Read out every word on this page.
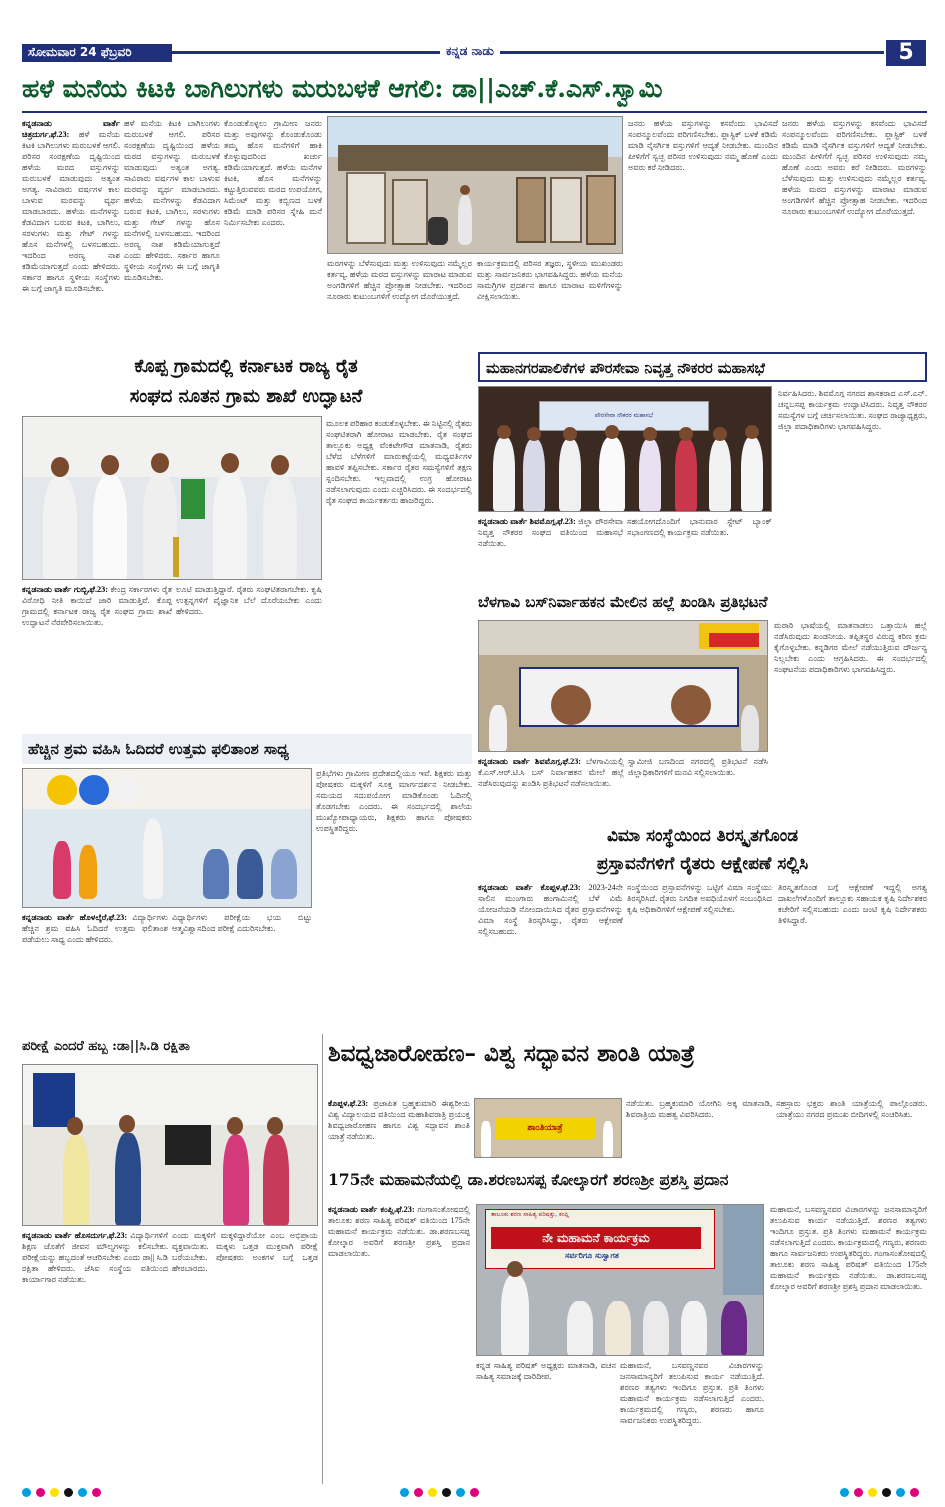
ಸೋಮವಾರ 24 ಫೆಬ್ರವರಿ 2025
ಕನ್ನಡ ನಾಡು	5
ಹಳೆ ಮನೆಯ ಕಿಟಕಿ ಬಾಗಿಲುಗಳು ಮರುಬಳಕೆ ಆಗಲಿ: ಡಾ||ಎಚ್.ಕೆ.ಎಸ್.ಸ್ವಾಮಿ
ಕನ್ನಡನಾಡು ವಾರ್ತೆ ಚಿತ್ರದುರ್ಗ,ಫೆ.23: ಹಳೆ ಮನೆಯ ಕಿಟಕಿ ಬಾಗಿಲುಗಳು ಮರುಬಳಕೆ ಆಗಲಿ. ಪರಿಸರ ಸಂರಕ್ಷಣೆಯ ದೃಷ್ಟಿಯಿಂದ ಹಳೆಯ ಮರದ ವಸ್ತುಗಳನ್ನು ಮರುಬಳಕೆ ಮಾಡುವುದು ಅತ್ಯಂತ ಅಗತ್ಯ. ಸಾವಿರಾರು ವರ್ಷಗಳ ಕಾಲ ಬಾಳುವ ಮರವನ್ನು ವ್ಯರ್ಥ ಮಾಡಬಾರದು. ಹಳೆಯ ಮನೆಗಳನ್ನು ಕೆಡವಿದಾಗ ಬರುವ ಕಿಟಕಿ, ಬಾಗಿಲು, ಸರಳುಗಳು ಮತ್ತು ಗೇಟ್ ಗಳನ್ನು ಹೊಸ ಮನೆಗಳಲ್ಲಿ ಬಳಸಬಹುದು. ಇದರಿಂದ ಅರಣ್ಯ ನಾಶ ಕಡಿಮೆಯಾಗುತ್ತದೆ ಎಂದು ಹೇಳಿದರು. ಸರ್ಕಾರ ಹಾಗೂ ಸ್ಥಳೀಯ ಸಂಸ್ಥೆಗಳು ಈ ಬಗ್ಗೆ ಜಾಗೃತಿ ಮೂಡಿಸಬೇಕು.
ಹಳೆ ಮನೆಯ ಕಿಟಕಿ ಬಾಗಿಲುಗಳು ಮರುಬಳಕೆ ಆಗಲಿ. ಪರಿಸರ ಸಂರಕ್ಷಣೆಯ ದೃಷ್ಟಿಯಿಂದ ಹಳೆಯ ಮರದ ವಸ್ತುಗಳನ್ನು ಮರುಬಳಕೆ ಮಾಡುವುದು ಅತ್ಯಂತ ಅಗತ್ಯ. ಸಾವಿರಾರು ವರ್ಷಗಳ ಕಾಲ ಬಾಳುವ ಮರವನ್ನು ವ್ಯರ್ಥ ಮಾಡಬಾರದು. ಹಳೆಯ ಮನೆಗಳನ್ನು ಕೆಡವಿದಾಗ ಬರುವ ಕಿಟಕಿ, ಬಾಗಿಲು, ಸರಳುಗಳು ಮತ್ತು ಗೇಟ್ ಗಳನ್ನು ಹೊಸ ಮನೆಗಳಲ್ಲಿ ಬಳಸಬಹುದು. ಇದರಿಂದ ಅರಣ್ಯ ನಾಶ ಕಡಿಮೆಯಾಗುತ್ತದೆ ಎಂದು ಹೇಳಿದರು. ಸರ್ಕಾರ ಹಾಗೂ ಸ್ಥಳೀಯ ಸಂಸ್ಥೆಗಳು ಈ ಬಗ್ಗೆ ಜಾಗೃತಿ ಮೂಡಿಸಬೇಕು.
ಕೊಂಡುಕೊಳ್ಳಲು ಗ್ರಾಮೀಣ ಜನರು ಮತ್ತು ಅವುಗಳನ್ನು ಕೊಂಡುಕೊಂಡು ತಮ್ಮ ಹೊಸ ಮನೆಗಳಿಗೆ ಹಾಕಿ ಕೊಳ್ಳುವುದರಿಂದ ಖರ್ಚು ಕಡಿಮೆಯಾಗುತ್ತದೆ. ಹಳೆಯ ಮನೆಗಳ ಕಿಟಕಿ, ಹೊಸ ಮನೆಗಳನ್ನು ಕಟ್ಟುತ್ತಿರುವವರು ಮರದ ಉಪಯೋಗ, ಸಿಮೆಂಟ್ ಮತ್ತು ಕಬ್ಬಿಣದ ಬಳಕೆ ಕಡಿಮೆ ಮಾಡಿ ಪರಿಸರ ಸ್ನೇಹಿ ಮನೆ ನಿರ್ಮಿಸಬೇಕು ಎಂದರು.
ಮರಗಳನ್ನು ಬೆಳೆಸುವುದು ಮತ್ತು ಉಳಿಸುವುದು ನಮ್ಮೆಲ್ಲರ ಕರ್ತವ್ಯ. ಹಳೆಯ ಮರದ ವಸ್ತುಗಳನ್ನು ಮಾರಾಟ ಮಾಡುವ ಅಂಗಡಿಗಳಿಗೆ ಹೆಚ್ಚಿನ ಪ್ರೋತ್ಸಾಹ ನೀಡಬೇಕು. ಇದರಿಂದ ನೂರಾರು ಕುಟುಂಬಗಳಿಗೆ ಉದ್ಯೋಗ ದೊರೆಯುತ್ತದೆ.
ಕಾರ್ಯಕ್ರಮದಲ್ಲಿ ಪರಿಸರ ತಜ್ಞರು, ಸ್ಥಳೀಯ ಮುಖಂಡರು ಮತ್ತು ಸಾರ್ವಜನಿಕರು ಭಾಗವಹಿಸಿದ್ದರು. ಹಳೆಯ ಮನೆಯ ಸಾಮಗ್ರಿಗಳ ಪ್ರದರ್ಶನ ಹಾಗೂ ಮಾರಾಟ ಮಳಿಗೆಗಳನ್ನು ವೀಕ್ಷಿಸಲಾಯಿತು.
ಜನರು ಹಳೆಯ ವಸ್ತುಗಳನ್ನು ಕಸವೆಂದು ಭಾವಿಸದೆ ಸಂಪನ್ಮೂಲವೆಂದು ಪರಿಗಣಿಸಬೇಕು. ಪ್ಲಾಸ್ಟಿಕ್ ಬಳಕೆ ಕಡಿಮೆ ಮಾಡಿ ನೈಸರ್ಗಿಕ ವಸ್ತುಗಳಿಗೆ ಆದ್ಯತೆ ನೀಡಬೇಕು. ಮುಂದಿನ ಪೀಳಿಗೆಗೆ ಸ್ವಚ್ಛ ಪರಿಸರ ಉಳಿಸುವುದು ನಮ್ಮ ಹೊಣೆ ಎಂದು ಅವರು ಕರೆ ನೀಡಿದರು.
ಜನರು ಹಳೆಯ ವಸ್ತುಗಳನ್ನು ಕಸವೆಂದು ಭಾವಿಸದೆ ಸಂಪನ್ಮೂಲವೆಂದು ಪರಿಗಣಿಸಬೇಕು. ಪ್ಲಾಸ್ಟಿಕ್ ಬಳಕೆ ಕಡಿಮೆ ಮಾಡಿ ನೈಸರ್ಗಿಕ ವಸ್ತುಗಳಿಗೆ ಆದ್ಯತೆ ನೀಡಬೇಕು. ಮುಂದಿನ ಪೀಳಿಗೆಗೆ ಸ್ವಚ್ಛ ಪರಿಸರ ಉಳಿಸುವುದು ನಮ್ಮ ಹೊಣೆ ಎಂದು ಅವರು ಕರೆ ನೀಡಿದರು. ಮರಗಳನ್ನು ಬೆಳೆಸುವುದು ಮತ್ತು ಉಳಿಸುವುದು ನಮ್ಮೆಲ್ಲರ ಕರ್ತವ್ಯ. ಹಳೆಯ ಮರದ ವಸ್ತುಗಳನ್ನು ಮಾರಾಟ ಮಾಡುವ ಅಂಗಡಿಗಳಿಗೆ ಹೆಚ್ಚಿನ ಪ್ರೋತ್ಸಾಹ ನೀಡಬೇಕು. ಇದರಿಂದ ನೂರಾರು ಕುಟುಂಬಗಳಿಗೆ ಉದ್ಯೋಗ ದೊರೆಯುತ್ತದೆ.
ಕೊಪ್ಪ ಗ್ರಾಮದಲ್ಲಿ ಕರ್ನಾಟಕ ರಾಜ್ಯ ರೈತ
ಸಂಘದ ನೂತನ ಗ್ರಾಮ ಶಾಖೆ ಉದ್ಘಾಟನೆ
ಕನ್ನಡನಾಡು ವಾರ್ತೆ ಗುಬ್ಬಿ,ಫೆ.23: ಕೇಂದ್ರ ಸರ್ಕಾರಗಳು ರೈತ ವಿರೋಧಿ ನೀತಿ ಕಾಯಿದೆ ಜಾರಿ ಮಾಡುತ್ತಿವೆ. ಕೊಪ್ಪ ಗ್ರಾಮದಲ್ಲಿ ಕರ್ನಾಟಕ ರಾಜ್ಯ ರೈತ ಸಂಘದ ಗ್ರಾಮ ಶಾಖೆ ಉದ್ಘಾಟನೆ ನೆರವೇರಿಸಲಾಯಿತು.
ಲೂಟಿ ಮಾಡುತ್ತಿದ್ದಾರೆ. ರೈತರು ಸಂಘಟಿತರಾಗಬೇಕು. ಕೃಷಿ ಉತ್ಪನ್ನಗಳಿಗೆ ವೈಜ್ಞಾನಿಕ ಬೆಲೆ ದೊರೆಯಬೇಕು ಎಂದು ಹೇಳಿದರು.
ಮೂಲಕ ಪರಿಹಾರ ಕಂಡುಕೊಳ್ಳಬೇಕು. ಈ ನಿಟ್ಟಿನಲ್ಲಿ ರೈತರು ಸಂಘಟಿತರಾಗಿ ಹೋರಾಟ ಮಾಡಬೇಕು. ರೈತ ಸಂಘದ ತಾಲ್ಲೂಕು ಅಧ್ಯಕ್ಷ ವೆಂಕಟೇಗೌಡ ಮಾತನಾಡಿ, ರೈತರು ಬೆಳೆದ ಬೆಳೆಗಳಿಗೆ ಮಾರುಕಟ್ಟೆಯಲ್ಲಿ ಮಧ್ಯವರ್ತಿಗಳ ಹಾವಳಿ ತಪ್ಪಿಸಬೇಕು. ಸರ್ಕಾರ ರೈತರ ಸಮಸ್ಯೆಗಳಿಗೆ ತಕ್ಷಣ ಸ್ಪಂದಿಸಬೇಕು. ಇಲ್ಲವಾದಲ್ಲಿ ಉಗ್ರ ಹೋರಾಟ ನಡೆಸಲಾಗುವುದು ಎಂದು ಎಚ್ಚರಿಸಿದರು. ಈ ಸಂದರ್ಭದಲ್ಲಿ ರೈತ ಸಂಘದ ಕಾರ್ಯಕರ್ತರು ಹಾಜರಿದ್ದರು.
ಮಹಾನಗರಪಾಲಿಕೆಗಳ ಪೌರಸೇವಾ ನಿವೃತ್ತ ನೌಕರರ ಮಹಾಸಭೆ
ಪೌರಸೇವಾ ನೌಕರರ ಮಹಾಸಭೆ
ಕನ್ನಡನಾಡು ವಾರ್ತೆ ಶಿವಮೊಗ್ಗ,ಫೆ.23: ಜಿಲ್ಲಾ ಪೌರಸೇವಾ ನಿವೃತ್ತ ನೌಕರರ ಸಂಘದ ವತಿಯಿಂದ ಮಹಾಸಭೆ ನಡೆಯಿತು.
ಸಹಯೋಗದೊಂದಿಗೆ ಭಾನುವಾರ ಸ್ಟೇಟ್ ಬ್ಯಾಂಕ್ ಸಭಾಂಗಣದಲ್ಲಿ ಕಾರ್ಯಕ್ರಮ ನಡೆಯಿತು.
ನಿರ್ವಹಿಸಿದರು. ಶಿವಮೊಗ್ಗ ನಗರದ ಶಾಸಕರಾದ ಎಸ್.ಎನ್. ಚನ್ನಬಸಪ್ಪ ಕಾರ್ಯಕ್ರಮ ಉದ್ಘಾಟಿಸಿದರು. ನಿವೃತ್ತ ನೌಕರರ ಸಮಸ್ಯೆಗಳ ಬಗ್ಗೆ ಚರ್ಚಿಸಲಾಯಿತು. ಸಂಘದ ರಾಜ್ಯಾಧ್ಯಕ್ಷರು, ಜಿಲ್ಲಾ ಪದಾಧಿಕಾರಿಗಳು ಭಾಗವಹಿಸಿದ್ದರು.
ಬೆಳಗಾವಿ ಬಸ್‌ನಿರ್ವಾಹಕನ ಮೇಲಿನ ಹಲ್ಲೆ ಖಂಡಿಸಿ ಪ್ರತಿಭಟನೆ
ಕನ್ನಡನಾಡು ವಾರ್ತೆ ಶಿವಮೊಗ್ಗ,ಫೆ.23: ಬೆಳಗಾವಿಯಲ್ಲಿ ಕೆ.ಎಸ್.ಆರ್.ಟಿ.ಸಿ ಬಸ್ ನಿರ್ವಾಹಕನ ಮೇಲೆ ಹಲ್ಲೆ ನಡೆಸಿರುವುದನ್ನು ಖಂಡಿಸಿ ಪ್ರತಿಭಟನೆ ನಡೆಸಲಾಯಿತು.
ಸ್ವಾಮೀಜಿ ಬಣದಿಂದ ನಗರದಲ್ಲಿ ಪ್ರತಿಭಟನೆ ನಡೆಸಿ ಜಿಲ್ಲಾಧಿಕಾರಿಗಳಿಗೆ ಮನವಿ ಸಲ್ಲಿಸಲಾಯಿತು.
ಮರಾಠಿ ಭಾಷೆಯಲ್ಲಿ ಮಾತನಾಡಲು ಒತ್ತಾಯಿಸಿ ಹಲ್ಲೆ ನಡೆಸಿರುವುದು ಖಂಡನೀಯ. ತಪ್ಪಿತಸ್ಥರ ವಿರುದ್ಧ ಕಠಿಣ ಕ್ರಮ ಕೈಗೊಳ್ಳಬೇಕು. ಕನ್ನಡಿಗರ ಮೇಲೆ ನಡೆಯುತ್ತಿರುವ ದೌರ್ಜನ್ಯ ನಿಲ್ಲಬೇಕು ಎಂದು ಆಗ್ರಹಿಸಿದರು. ಈ ಸಂದರ್ಭದಲ್ಲಿ ಸಂಘಟನೆಯ ಪದಾಧಿಕಾರಿಗಳು ಭಾಗವಹಿಸಿದ್ದರು.
ಹೆಚ್ಚಿನ ಶ್ರಮ ವಹಿಸಿ ಓದಿದರೆ ಉತ್ತಮ ಫಲಿತಾಂಶ ಸಾಧ್ಯ
ಕನ್ನಡನಾಡು ವಾರ್ತೆ ಹೊಳಲ್ಕೆರೆ,ಫೆ.23: ವಿದ್ಯಾರ್ಥಿಗಳು ಹೆಚ್ಚಿನ ಶ್ರಮ ವಹಿಸಿ ಓದಿದರೆ ಉತ್ತಮ ಫಲಿತಾಂಶ ಪಡೆಯಲು ಸಾಧ್ಯ ಎಂದು ಹೇಳಿದರು.
ವಿಧ್ಯಾರ್ಥಿಗಳು ಪರೀಕ್ಷೆಯ ಭಯ ಬಿಟ್ಟು ಆತ್ಮವಿಶ್ವಾಸದಿಂದ ಪರೀಕ್ಷೆ ಎದುರಿಸಬೇಕು.
ಪ್ರತಿಭೆಗಳು ಗ್ರಾಮೀಣ ಪ್ರದೇಶದಲ್ಲಿಯೂ ಇವೆ. ಶಿಕ್ಷಕರು ಮತ್ತು ಪೋಷಕರು ಮಕ್ಕಳಿಗೆ ಸೂಕ್ತ ಮಾರ್ಗದರ್ಶನ ನೀಡಬೇಕು. ಸಮಯದ ಸದುಪಯೋಗ ಮಾಡಿಕೊಂಡು ಓದಿನಲ್ಲಿ ತೊಡಗಬೇಕು ಎಂದರು. ಈ ಸಂದರ್ಭದಲ್ಲಿ ಶಾಲೆಯ ಮುಖ್ಯೋಪಾಧ್ಯಾಯರು, ಶಿಕ್ಷಕರು ಹಾಗೂ ಪೋಷಕರು ಉಪಸ್ಥಿತರಿದ್ದರು.	ವಿಮಾ ಸಂಸ್ಥೆಯಿಂದ ತಿರಸ್ಕೃತಗೊಂಡ
ಪ್ರಸ್ತಾವನೆಗಳಿಗೆ ರೈತರು ಆಕ್ಷೇಪಣೆ ಸಲ್ಲಿಸಿ
ಕನ್ನಡನಾಡು ವಾರ್ತೆ ಕೊಪ್ಪಳ,ಫೆ.23: 2023-24ನೇ ಸಾಲಿನ ಮುಂಗಾರು ಹಂಗಾಮಿನಲ್ಲಿ ಬೆಳೆ ವಿಮೆ ಯೋಜನೆಯಡಿ ನೋಂದಾಯಿಸಿದ ರೈತರ ಪ್ರಸ್ತಾವನೆಗಳನ್ನು ವಿಮಾ ಸಂಸ್ಥೆ ತಿರಸ್ಕರಿಸಿದ್ದು, ರೈತರು ಆಕ್ಷೇಪಣೆ ಸಲ್ಲಿಸಬಹುದು.
ಸಂಸ್ಥೆಯಿಂದ ಪ್ರಸ್ತಾವನೆಗಳನ್ನು ಒಟ್ಟಿಗೆ ವಿಮಾ ಸಂಸ್ಥೆಯು ತಿರಸ್ಕರಿಸಿದೆ. ರೈತರು ನಿಗದಿತ ಅವಧಿಯೊಳಗೆ ಸಂಬಂಧಿಸಿದ ಕೃಷಿ ಅಧಿಕಾರಿಗಳಿಗೆ ಆಕ್ಷೇಪಣೆ ಸಲ್ಲಿಸಬೇಕು.
ತಿರಸ್ಕೃತಗೊಂಡ ಬಗ್ಗೆ ಆಕ್ಷೇಪಣೆ ಇದ್ದಲ್ಲಿ ಅಗತ್ಯ ದಾಖಲೆಗಳೊಂದಿಗೆ ತಾಲ್ಲೂಕು ಸಹಾಯಕ ಕೃಷಿ ನಿರ್ದೇಶಕರ ಕಚೇರಿಗೆ ಸಲ್ಲಿಸಬಹುದು ಎಂದು ಜಂಟಿ ಕೃಷಿ ನಿರ್ದೇಶಕರು ತಿಳಿಸಿದ್ದಾರೆ.
ಪರೀಕ್ಷೆ ಎಂದರೆ ಹಬ್ಬ :ಡಾ||ಸಿ.ಡಿ ರಕ್ಷಿತಾ
ಕನ್ನಡನಾಡು ವಾರ್ತೆ ಹೊಸದುರ್ಗ,ಫೆ.23: ವಿದ್ಯಾರ್ಥಿಗಳಿಗೆ ಶಿಕ್ಷಣ ಜೊತೆಗೆ ಜೀವನ ಮೌಲ್ಯಗಳನ್ನು ಕಲಿಸಬೇಕು. ಪರೀಕ್ಷೆಯನ್ನು ಹಬ್ಬದಂತೆ ಆಚರಿಸಬೇಕು ಎಂದು ಡಾ|| ಸಿ.ಡಿ ರಕ್ಷಿತಾ ಹೇಳಿದರು. ಜೆಸಿಐ ಸಂಸ್ಥೆಯ ವತಿಯಿಂದ ಕಾರ್ಯಾಗಾರ ನಡೆಯಿತು.
ಎಂದು ಮಕ್ಕಳಿಗೆ ಮಕ್ಕಳಿದ್ದಾರೆಯೋ ಎಂಬ ಅಭಿಪ್ರಾಯ ವ್ಯಕ್ತವಾಯಿತು. ಮಕ್ಕಳು ಒತ್ತಡ ಮುಕ್ತವಾಗಿ ಪರೀಕ್ಷೆ ಬರೆಯಬೇಕು. ಪೋಷಕರು ಅಂಕಗಳ ಬಗ್ಗೆ ಒತ್ತಡ ಹೇರಬಾರದು.
ಶಿವಧ್ವಜಾರೋಹಣ– ವಿಶ್ವ ಸದ್ಭಾವನ ಶಾಂತಿ ಯಾತ್ರೆ
ಕೊಪ್ಪಳ,ಫೆ.23: ಪ್ರಜಾಪಿತ ಬ್ರಹ್ಮಕುಮಾರಿ ಈಶ್ವರೀಯ ವಿಶ್ವ ವಿದ್ಯಾಲಯದ ವತಿಯಿಂದ ಮಹಾಶಿವರಾತ್ರಿ ಪ್ರಯುಕ್ತ ಶಿವಧ್ವಜಾರೋಹಣ ಹಾಗೂ ವಿಶ್ವ ಸದ್ಭಾವನ ಶಾಂತಿ ಯಾತ್ರೆ ನಡೆಯಿತು.
ಶಾಂತಿಯಾತ್ರೆ
ನಡೆಯಿತು. ಬ್ರಹ್ಮಕುಮಾರಿ ಯೋಗಿನಿ ಅಕ್ಕ ಮಾತನಾಡಿ, ಶಿವರಾತ್ರಿಯ ಮಹತ್ವ ವಿವರಿಸಿದರು.
ಸಹಸ್ರಾರು ಭಕ್ತರು ಶಾಂತಿ ಯಾತ್ರೆಯಲ್ಲಿ ಪಾಲ್ಗೊಂಡರು. ಯಾತ್ರೆಯು ನಗರದ ಪ್ರಮುಖ ಬೀದಿಗಳಲ್ಲಿ ಸಂಚರಿಸಿತು.
175ನೇ ಮಹಾಮನೆಯಲ್ಲಿ ಡಾ.ಶರಣಬಸಪ್ಪ ಕೋಲ್ಕಾರಗೆ ಶರಣಶ್ರೀ ಪ್ರಶಸ್ತಿ ಪ್ರದಾನ
ಕನ್ನಡನಾಡು ವಾರ್ತೆ ಕಂಪ್ಲಿ,ಫೆ.23: ಗಂಗಾಸಂತೋಷದಲ್ಲಿ ತಾಲೂಕು ಶರಣ ಸಾಹಿತ್ಯ ಪರಿಷತ್ ವತಿಯಿಂದ 175ನೇ ಮಹಾಮನೆ ಕಾರ್ಯಕ್ರಮ ನಡೆಯಿತು. ಡಾ.ಶರಣಬಸಪ್ಪ ಕೋಲ್ಕಾರ ಅವರಿಗೆ ಶರಣಶ್ರೀ ಪ್ರಶಸ್ತಿ ಪ್ರದಾನ ಮಾಡಲಾಯಿತು.
ತಾಲೂಕು ಶರಣ ಸಾಹಿತ್ಯ ಪರಿಷತ್ತು, ಕಂಪ್ಲಿ
ನೇ ಮಹಾಮನೆ ಕಾರ್ಯಕ್ರಮ
ಸರ್ವರಿಗೂ ಸುಸ್ವಾಗತ
ಕನ್ನಡ ಸಾಹಿತ್ಯ ಪರಿಷತ್ ಅಧ್ಯಕ್ಷರು ಮಾತನಾಡಿ, ವಚನ ಸಾಹಿತ್ಯ ಸಮಾಜಕ್ಕೆ ದಾರಿದೀಪ.
ಮಹಾಮನೆ, ಬಸವಣ್ಣನವರ ವಿಚಾರಗಳನ್ನು ಜನಸಾಮಾನ್ಯರಿಗೆ ತಲುಪಿಸುವ ಕಾರ್ಯ ನಡೆಯುತ್ತಿದೆ. ಶರಣರ ತತ್ವಗಳು ಇಂದಿಗೂ ಪ್ರಸ್ತುತ. ಪ್ರತಿ ತಿಂಗಳು ಮಹಾಮನೆ ಕಾರ್ಯಕ್ರಮ ನಡೆಸಲಾಗುತ್ತಿದೆ ಎಂದರು. ಕಾರ್ಯಕ್ರಮದಲ್ಲಿ ಗಣ್ಯರು, ಶರಣರು ಹಾಗೂ ಸಾರ್ವಜನಿಕರು ಉಪಸ್ಥಿತರಿದ್ದರು.
ಮಹಾಮನೆ, ಬಸವಣ್ಣನವರ ವಿಚಾರಗಳನ್ನು ಜನಸಾಮಾನ್ಯರಿಗೆ ತಲುಪಿಸುವ ಕಾರ್ಯ ನಡೆಯುತ್ತಿದೆ. ಶರಣರ ತತ್ವಗಳು ಇಂದಿಗೂ ಪ್ರಸ್ತುತ. ಪ್ರತಿ ತಿಂಗಳು ಮಹಾಮನೆ ಕಾರ್ಯಕ್ರಮ ನಡೆಸಲಾಗುತ್ತಿದೆ ಎಂದರು. ಕಾರ್ಯಕ್ರಮದಲ್ಲಿ ಗಣ್ಯರು, ಶರಣರು ಹಾಗೂ ಸಾರ್ವಜನಿಕರು ಉಪಸ್ಥಿತರಿದ್ದರು. ಗಂಗಾಸಂತೋಷದಲ್ಲಿ ತಾಲೂಕು ಶರಣ ಸಾಹಿತ್ಯ ಪರಿಷತ್ ವತಿಯಿಂದ 175ನೇ ಮಹಾಮನೆ ಕಾರ್ಯಕ್ರಮ ನಡೆಯಿತು. ಡಾ.ಶರಣಬಸಪ್ಪ ಕೋಲ್ಕಾರ ಅವರಿಗೆ ಶರಣಶ್ರೀ ಪ್ರಶಸ್ತಿ ಪ್ರದಾನ ಮಾಡಲಾಯಿತು.
